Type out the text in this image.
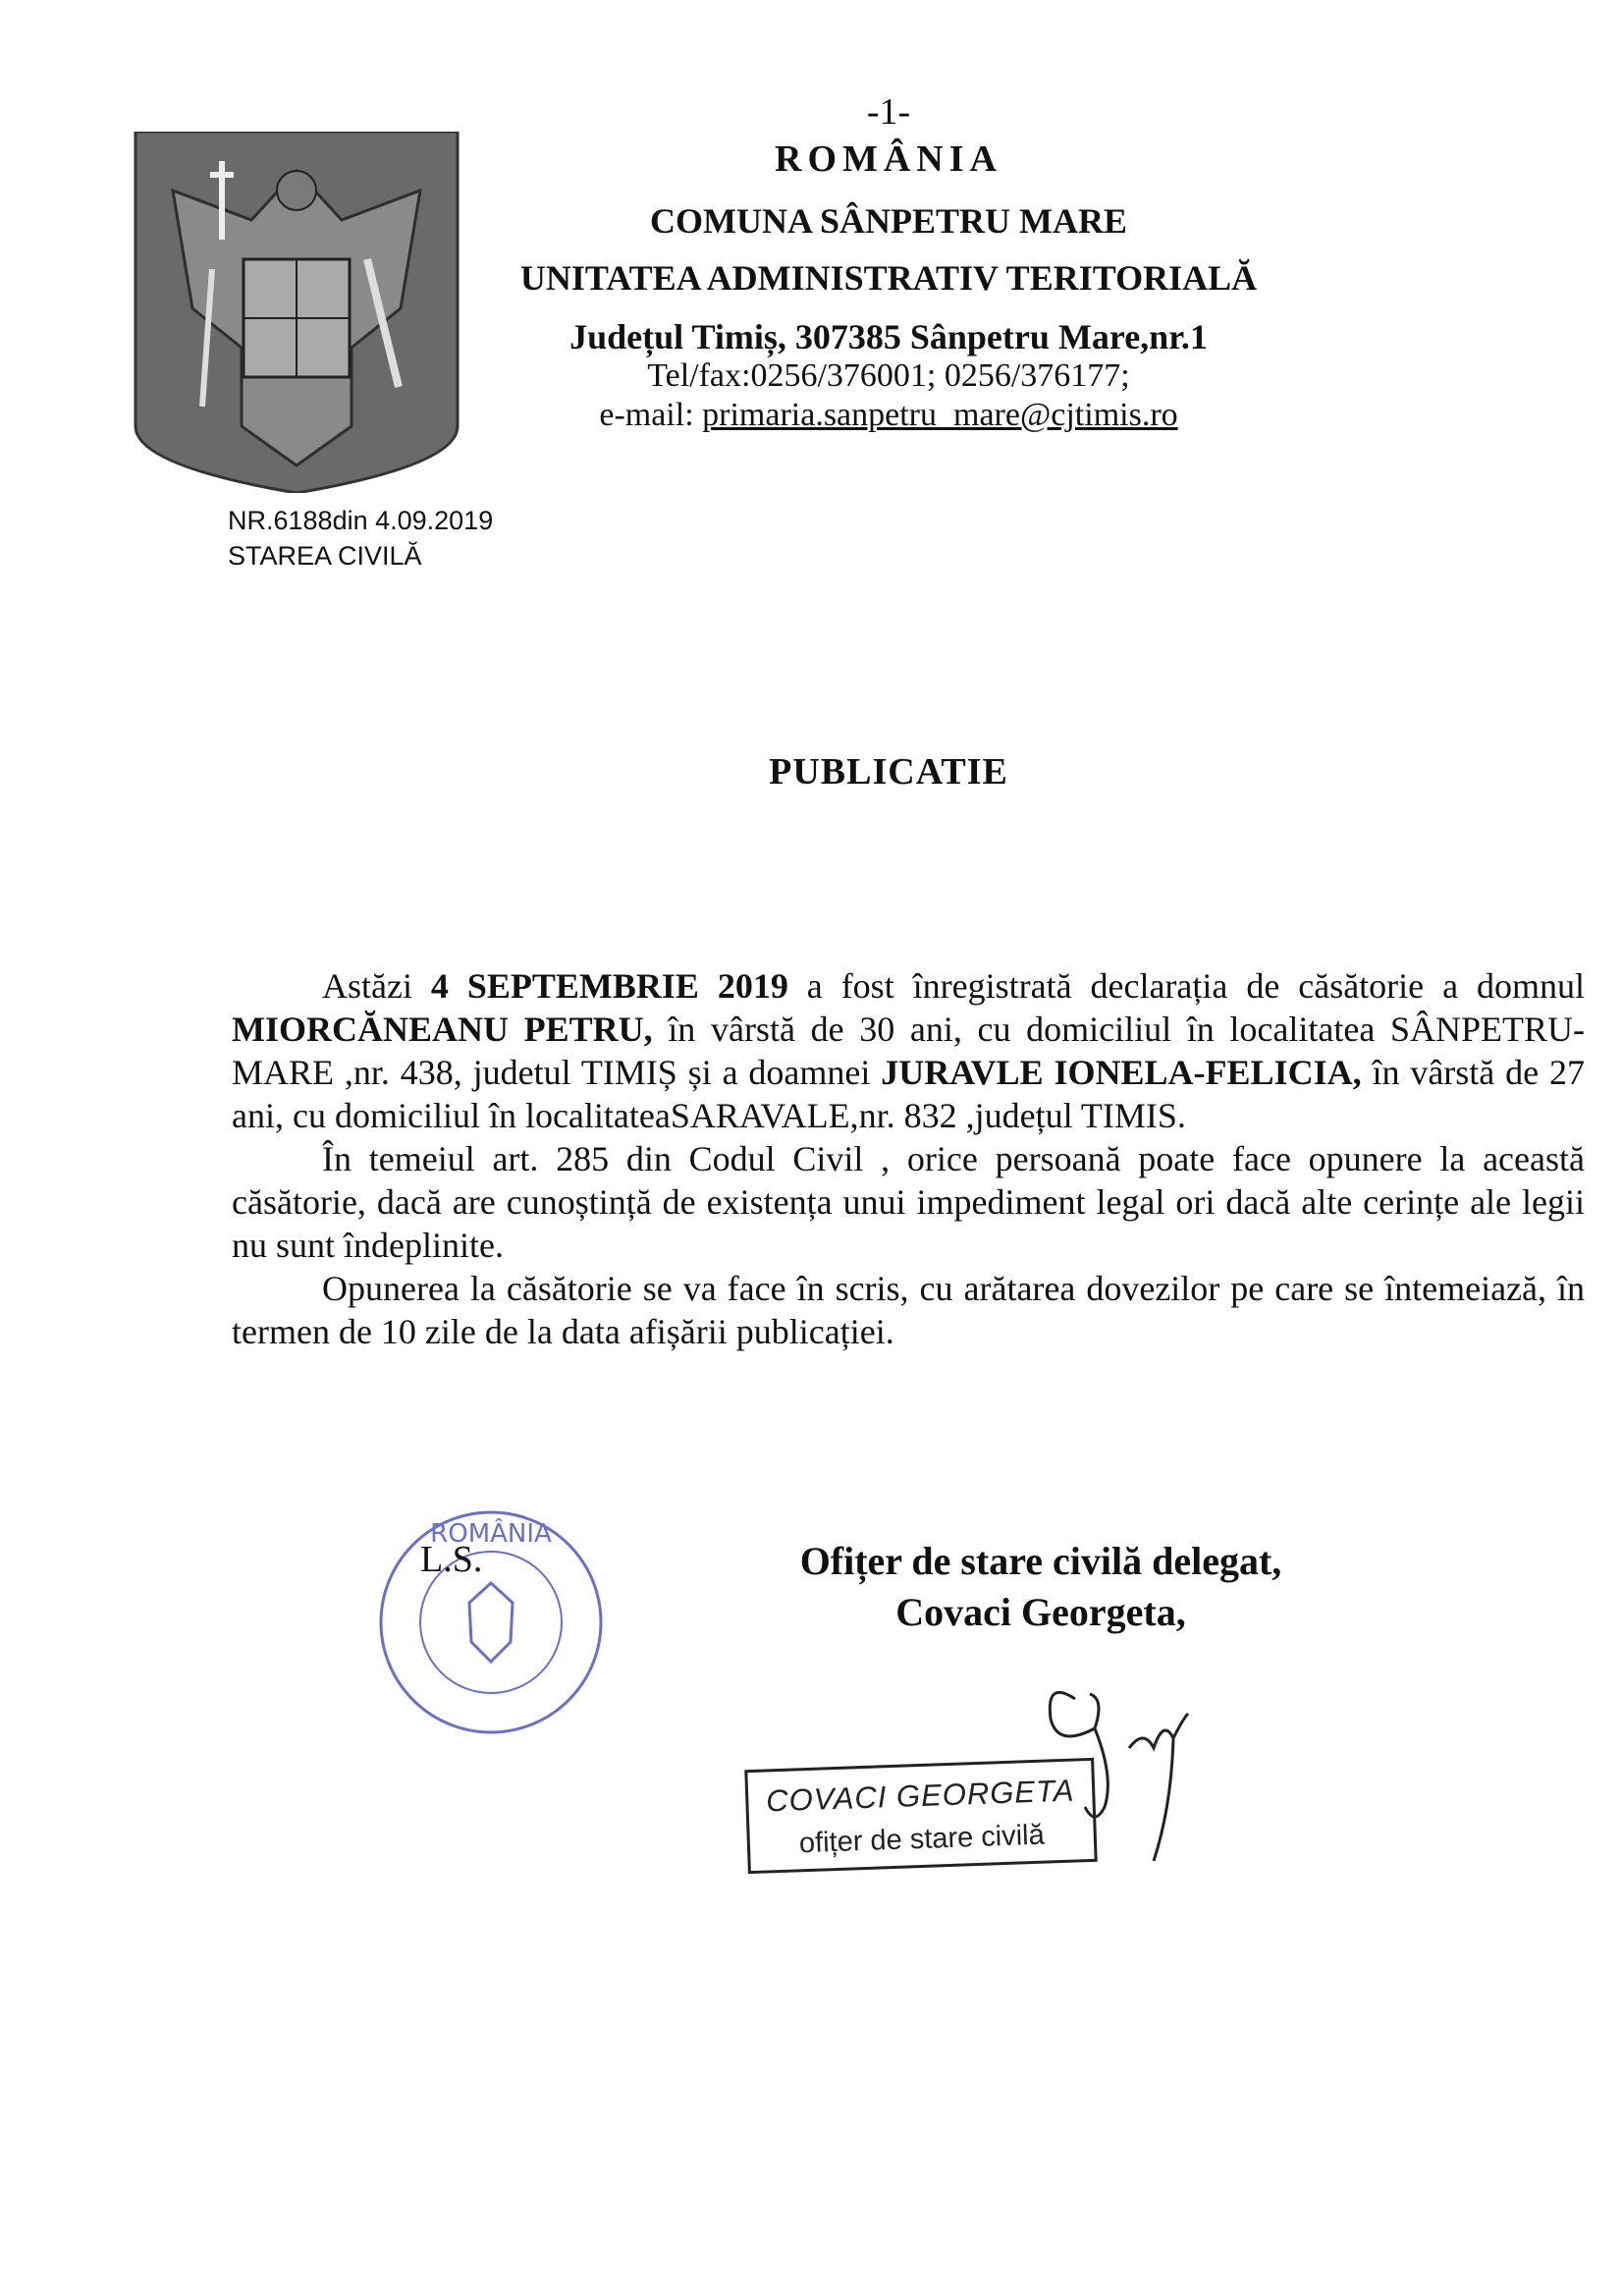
-1-
ROMÂNIA
COMUNA SÂNPETRU MARE
UNITATEA ADMINISTRATIV TERITORIALĂ
Județul Timiș, 307385 Sânpetru Mare,nr.1
Tel/fax:0256/376001; 0256/376177;
e-mail: primaria.sanpetru_mare@cjtimis.ro
NR.6188din 4.09.2019
STAREA CIVILĂ
PUBLICATIE

Astăzi 4 SEPTEMBRIE 2019 a fost înregistrată declarația de căsătorie a domnul MIORCĂNEANU PETRU, în vârstă de 30 ani, cu domiciliul în localitatea SÂNPETRU-MARE ,nr. 438, judetul TIMIȘ și a doamnei JURAVLE IONELA-FELICIA, în vârstă de 27 ani, cu domiciliul în localitateaSARAVALE,nr. 832 ,județul TIMIS.

În temeiul art. 285 din Codul Civil , orice persoană poate face opunere la această căsătorie, dacă are cunoștință de existența unui impediment legal ori dacă alte cerințe ale legii nu sunt îndeplinite.

Opunerea la căsătorie se va face în scris, cu arătarea dovezilor pe care se întemeiază, în termen de 10 zile de la data afișării publicației.

ROMÂNIA
L.S.	Ofițer de stare civilă delegat,
Covaci Georgeta,
COVACI GEORGETA
ofițer de stare civilă
